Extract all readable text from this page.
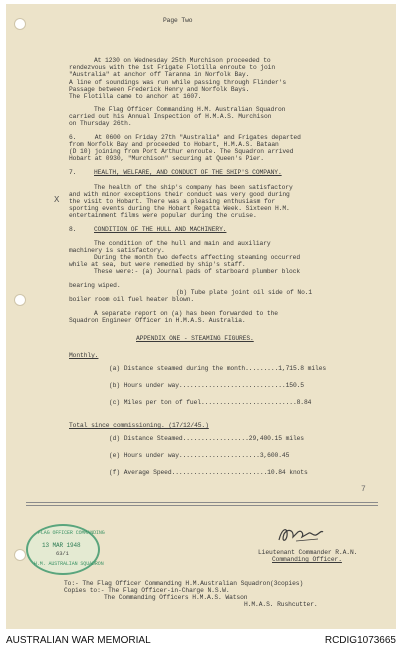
Page Two
At 1230 on Wednesday 25th Murchison proceeded to
rendezvous with the 1st Frigate Flotilla enroute to join
"Australia" at anchor off Taranna in Norfolk Bay.
A line of soundings was run while passing through Flinder's
Passage between Frederick Henry and Norfolk Bays.
The Flotilla came to anchor at 1607.
The Flag Officer Commanding H.M. Australian Squadron
carried out his Annual Inspection of H.M.A.S. Murchison
on Thursday 26th.
6.     At 0600 on Friday 27th "Australia" and Frigates departed
from Norfolk Bay and proceeded to Hobart, H.M.A.S. Bataan
(D 10) joining from Port Arthur enroute. The Squadron arrived
Hobart at 0930, "Murchison" securing at Queen's Pier.
7.	HEALTH, WELFARE, AND CONDUCT OF THE SHIP'S COMPANY.
The health of the ship's company has been satisfactory
and with minor exceptions their conduct was very good during
the visit to Hobart. There was a pleasing enthusiasm for
sporting events during the Hobart Regatta Week. Sixteen H.M.
entertainment films were popular during the cruise.
X
8.	CONDITION OF THE HULL AND MACHINERY.
The condition of the hull and main and auxiliary
machinery is satisfactory.
During the month two defects affecting steaming occurred
while at sea, but were remedied by ship's staff.
These were:- (a) Journal pads of starboard plumber block
bearing wiped.
(b) Tube plate joint oil side of No.1
boiler room oil fuel heater blown.
A separate report on (a) has been forwarded to the
Squadron Engineer Officer in H.M.A.S. Australia.
APPENDIX ONE - STEAMING FIGURES.
Monthly.
(a) Distance steamed during the month.........1,715.8 miles
(b) Hours under way.............................150.5
(c) Miles per ton of fuel..........................8.84
Total since commissioning. (17/12/45.)
(d) Distance Steamed..................29,400.15 miles
(e) Hours under way......................3,600.45
(f) Average Speed..........................10.84 knots
7
Lieutenant Commander R.A.N.
Commanding Officer.
To:- The Flag Officer Commanding H.M.Australian Squadron(3copies)
Copies to:- The Flag Officer-in-Charge N.S.W.
The Commanding Officers H.M.A.S. Watson
H.M.A.S. Rushcutter.
FLAG OFFICER COMMANDING
13 MAR 1948
63/1
H.M. AUSTRALIAN SQUADRON
AUSTRALIAN WAR MEMORIAL	RCDIG1073665
